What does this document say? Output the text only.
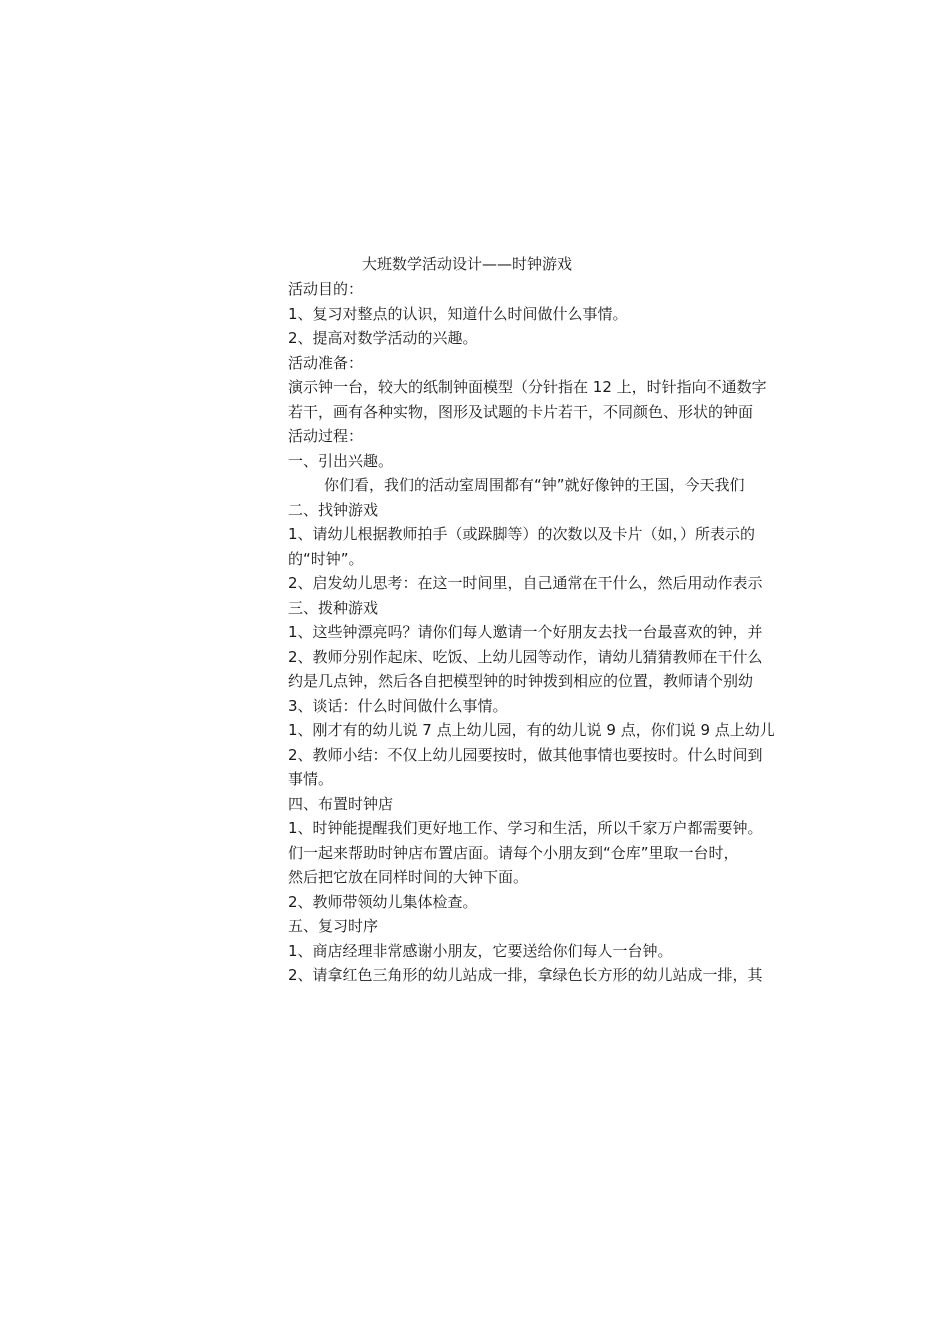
大班数学活动设计——时钟游戏
活动目的：
1、复习对整点的认识，知道什么时间做什么事情。
2、提高对数学活动的兴趣。
活动准备：
演示钟一台，较大的纸制钟面模型（分针指在 12 上，时针指向不通数字
若干，画有各种实物，图形及试题的卡片若干，不同颜色、形状的钟面
活动过程：
一、引出兴趣。
你们看，我们的活动室周围都有“钟”就好像钟的王国，今天我们
二、找钟游戏
1、请幼儿根据教师拍手（或跺脚等）的次数以及卡片（如，）所表示的
的“时钟”。
2、启发幼儿思考：在这一时间里，自己通常在干什么，然后用动作表示
三、拨种游戏
1、这些钟漂亮吗？请你们每人邀请一个好朋友去找一台最喜欢的钟，并
2、教师分别作起床、吃饭、上幼儿园等动作，请幼儿猜猜教师在干什么
约是几点钟，然后各自把模型钟的时钟拨到相应的位置，教师请个别幼
3、谈话：什么时间做什么事情。
1、刚才有的幼儿说 7 点上幼儿园，有的幼儿说 9 点，你们说 9 点上幼儿
2、教师小结：不仅上幼儿园要按时，做其他事情也要按时。什么时间到
事情。
四、布置时钟店
1、时钟能提醒我们更好地工作、学习和生活，所以千家万户都需要钟。
们一起来帮助时钟店布置店面。请每个小朋友到“仓库”里取一台时，
然后把它放在同样时间的大钟下面。
2、教师带领幼儿集体检查。
五、复习时序
1、商店经理非常感谢小朋友，它要送给你们每人一台钟。
2、请拿红色三角形的幼儿站成一排，拿绿色长方形的幼儿站成一排，其
